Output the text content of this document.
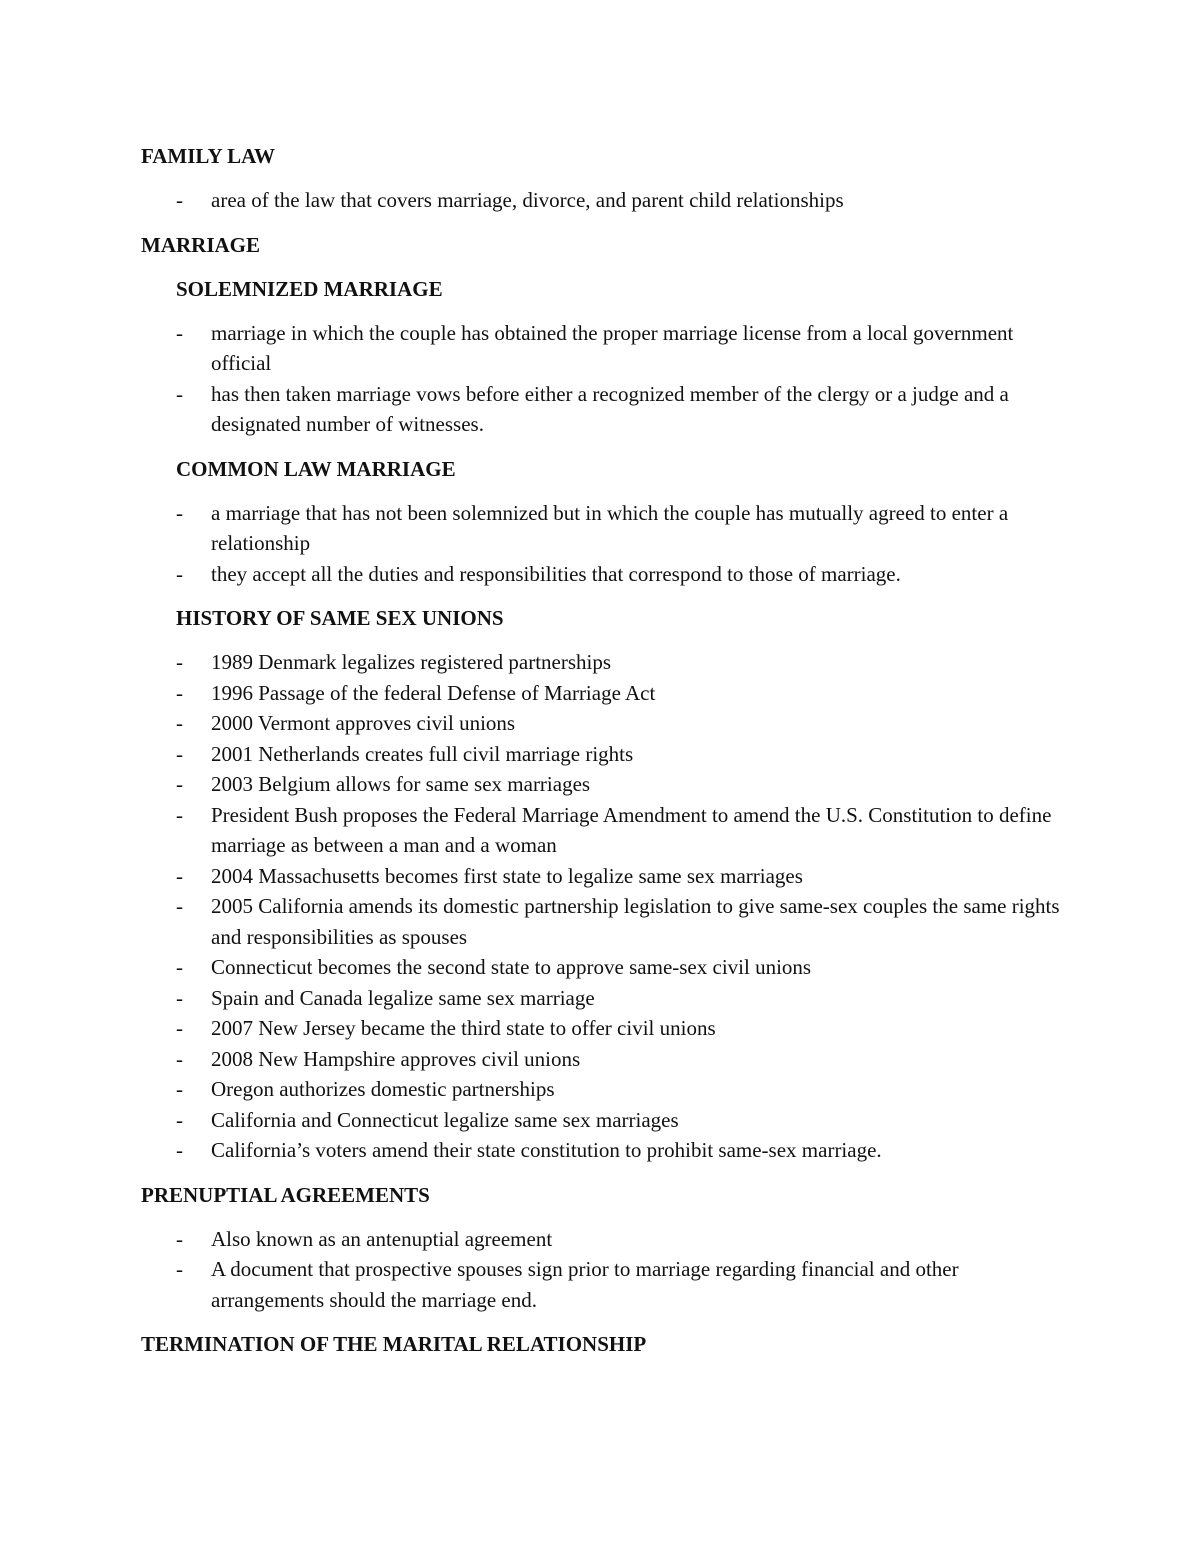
FAMILY LAW
- area of the law that covers marriage, divorce, and parent child relationships
MARRIAGE
SOLEMNIZED MARRIAGE
- marriage in which the couple has obtained the proper marriage license from a local government official
- has then taken marriage vows before either a recognized member of the clergy or a judge and a designated number of witnesses.
COMMON LAW MARRIAGE
- a marriage that has not been solemnized but in which the couple has mutually agreed to enter a relationship
- they accept all the duties and responsibilities that correspond to those of marriage.
HISTORY OF SAME SEX UNIONS
- 1989 Denmark legalizes registered partnerships
- 1996 Passage of the federal Defense of Marriage Act
- 2000 Vermont approves civil unions
- 2001 Netherlands creates full civil marriage rights
- 2003 Belgium allows for same sex marriages
- President Bush proposes the Federal Marriage Amendment to amend the U.S. Constitution to define marriage as between a man and a woman
- 2004 Massachusetts becomes first state to legalize same sex marriages
- 2005 California amends its domestic partnership legislation to give same-sex couples the same rights and responsibilities as spouses
- Connecticut becomes the second state to approve same-sex civil unions
- Spain and Canada legalize same sex marriage
- 2007 New Jersey became the third state to offer civil unions
- 2008 New Hampshire approves civil unions
- Oregon authorizes domestic partnerships
- California and Connecticut legalize same sex marriages
- California’s voters amend their state constitution to prohibit same-sex marriage.
PRENUPTIAL AGREEMENTS
- Also known as an antenuptial agreement
- A document that prospective spouses sign prior to marriage regarding financial and other arrangements should the marriage end.
TERMINATION OF THE MARITAL RELATIONSHIP
